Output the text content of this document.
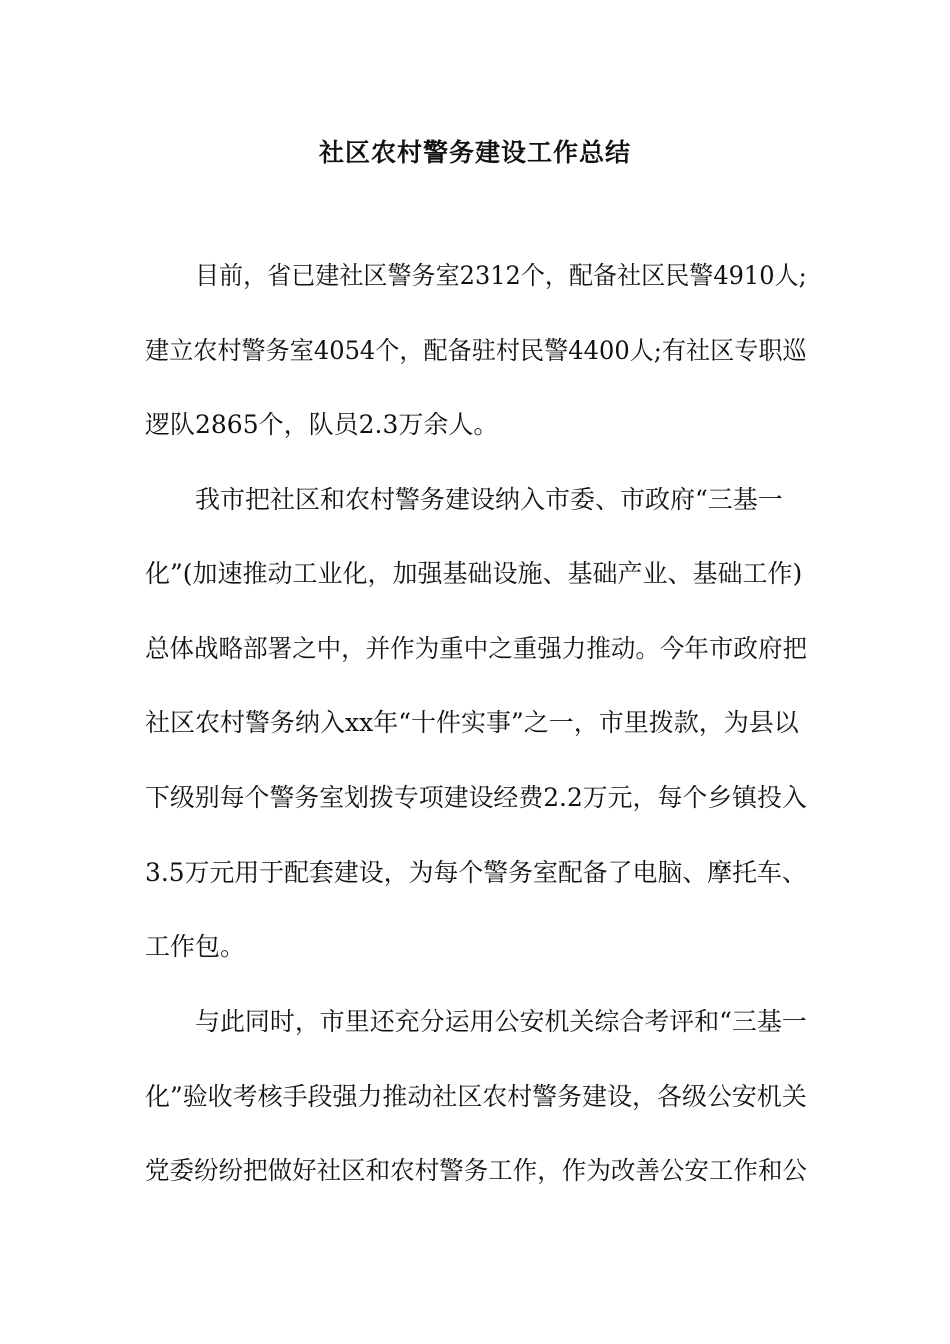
社区农村警务建设工作总结
目前，省已建社区警务室2312个，配备社区民警4910人;
建立农村警务室4054个，配备驻村民警4400人;有社区专职巡
逻队2865个，队员2.3万余人。
我市把社区和农村警务建设纳入市委、市政府“三基一
化”(加速推动工业化，加强基础设施、基础产业、基础工作)
总体战略部署之中，并作为重中之重强力推动。今年市政府把
社区农村警务纳入xx年“十件实事”之一，市里拨款，为县以
下级别每个警务室划拨专项建设经费2.2万元，每个乡镇投入
3.5万元用于配套建设，为每个警务室配备了电脑、摩托车、
工作包。
与此同时，市里还充分运用公安机关综合考评和“三基一
化”验收考核手段强力推动社区农村警务建设，各级公安机关
党委纷纷把做好社区和农村警务工作，作为改善公安工作和公
